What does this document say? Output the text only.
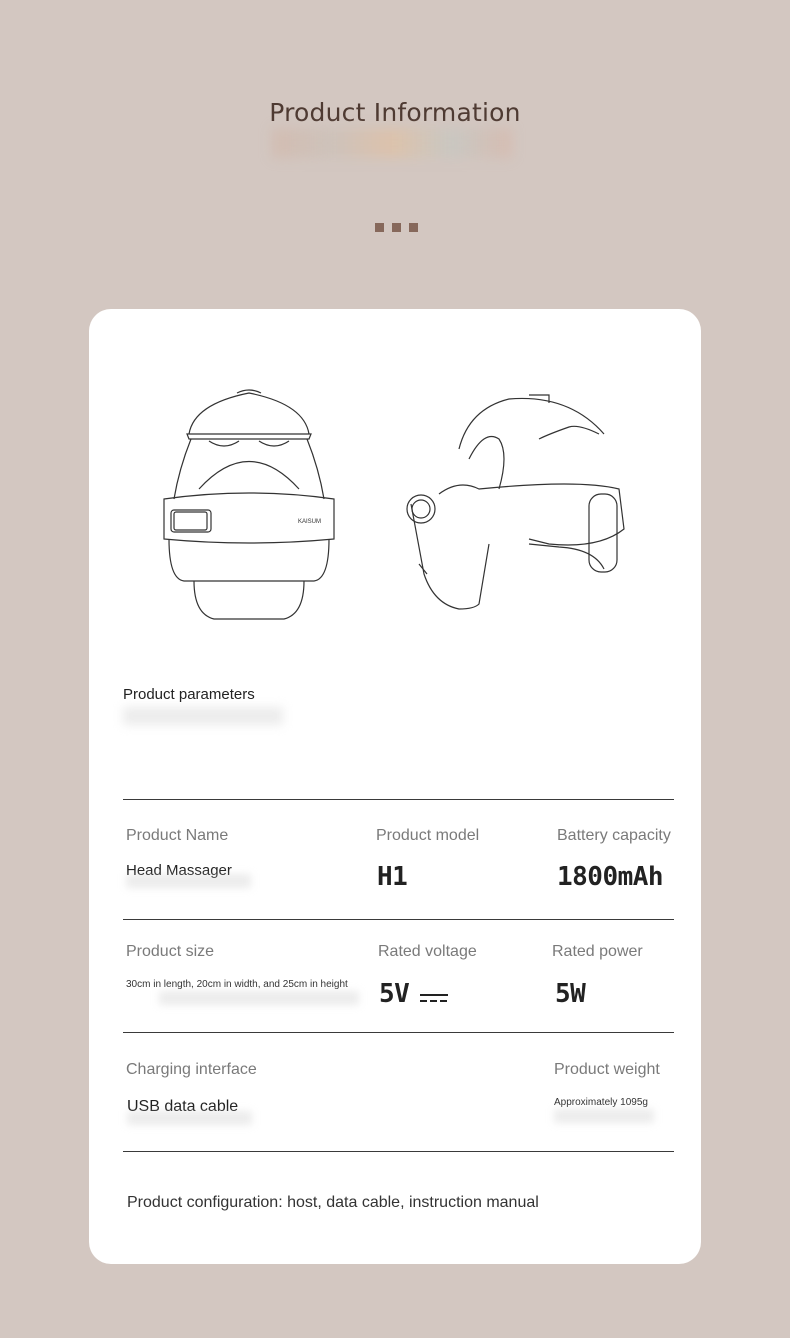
Product Information
KAISUM
Product parameters
Product Name
Head Massager
Product model
H1
Battery capacity
1800mAh
Product size
30cm in length, 20cm in width, and 25cm in height
Rated voltage
5V
Rated power
5W
Charging interface
USB data cable
Product weight
Approximately 1095g
Product configuration: host, data cable, instruction manual
